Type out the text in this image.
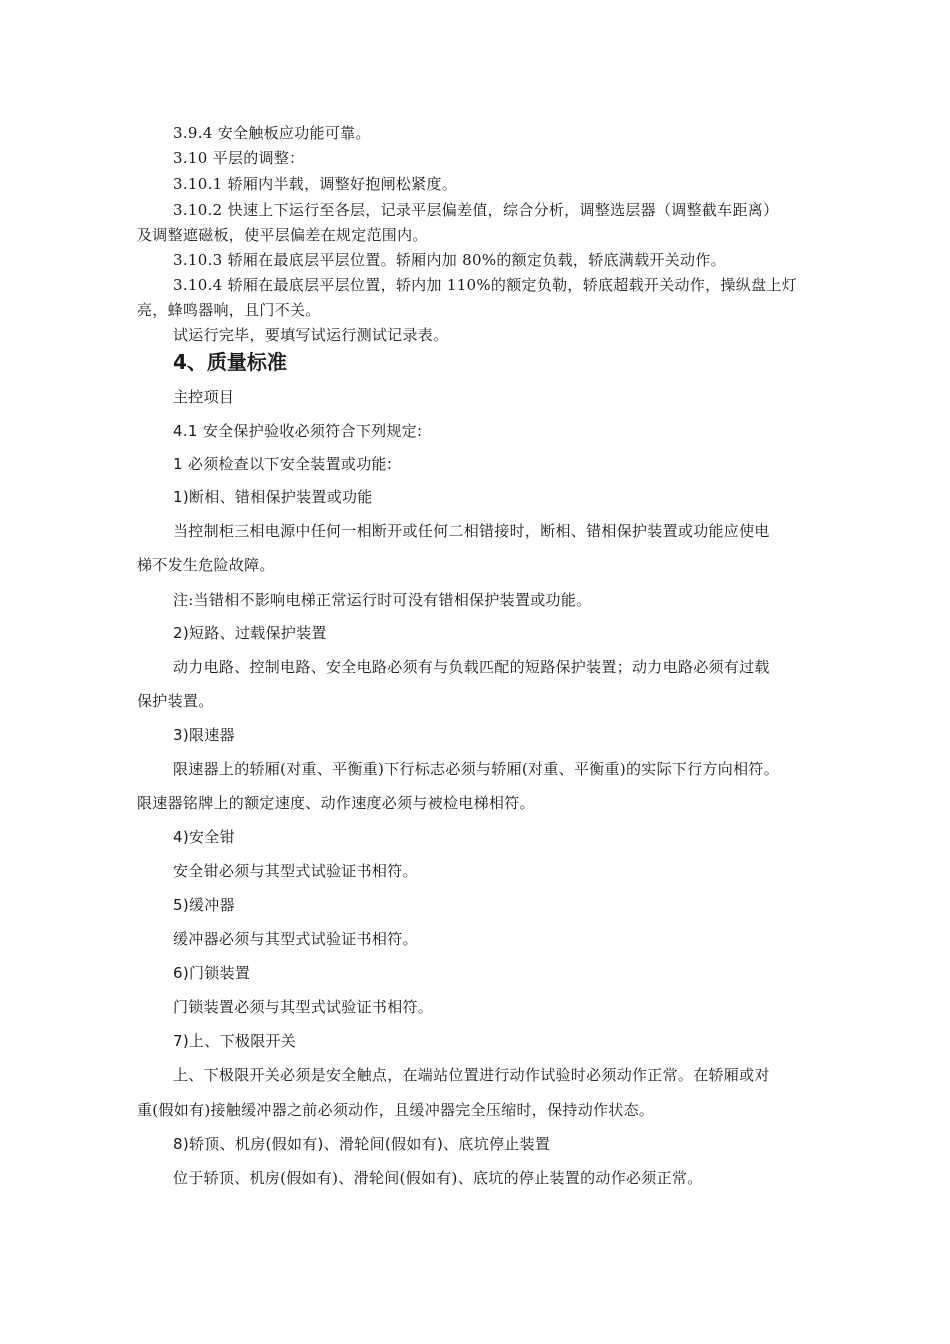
3.9.4 安全触板应功能可靠。
3.10 平层的调整：
3.10.1 轿厢内半载，调整好抱闸松紧度。
3.10.2 快速上下运行至各层，记录平层偏差值，综合分析，调整选层器（调整截车距离）
及调整遮磁板，使平层偏差在规定范围内。
3.10.3 轿厢在最底层平层位置。轿厢内加 80%的额定负载，轿底满载开关动作。
3.10.4 轿厢在最底层平层位置，轿内加 110%的额定负勒，轿底超载开关动作，操纵盘上灯
亮，蜂鸣器响，且门不关。
试运行完毕，要填写试运行测试记录表。
4、质量标准
主控项目
4.1 安全保护验收必须符合下列规定:
1 必须检查以下安全装置或功能:
1)断相、错相保护装置或功能
当控制柜三相电源中任何一相断开或任何二相错接时，断相、错相保护装置或功能应使电
梯不发生危险故障。
注:当错相不影响电梯正常运行时可没有错相保护装置或功能。
2)短路、过载保护装置
动力电路、控制电路、安全电路必须有与负载匹配的短路保护装置；动力电路必须有过载
保护装置。
3)限速器
限速器上的轿厢(对重、平衡重)下行标志必须与轿厢(对重、平衡重)的实际下行方向相符。
限速器铭牌上的额定速度、动作速度必须与被检电梯相符。
4)安全钳
安全钳必须与其型式试验证书相符。
5)缓冲器
缓冲器必须与其型式试验证书相符。
6)门锁装置
门锁装置必须与其型式试验证书相符。
7)上、下极限开关
上、下极限开关必须是安全触点，在端站位置进行动作试验时必须动作正常。在轿厢或对
重(假如有)接触缓冲器之前必须动作，且缓冲器完全压缩时，保持动作状态。
8)轿顶、机房(假如有)、滑轮间(假如有)、底坑停止装置
位于轿顶、机房(假如有)、滑轮间(假如有)、底坑的停止装置的动作必须正常。
